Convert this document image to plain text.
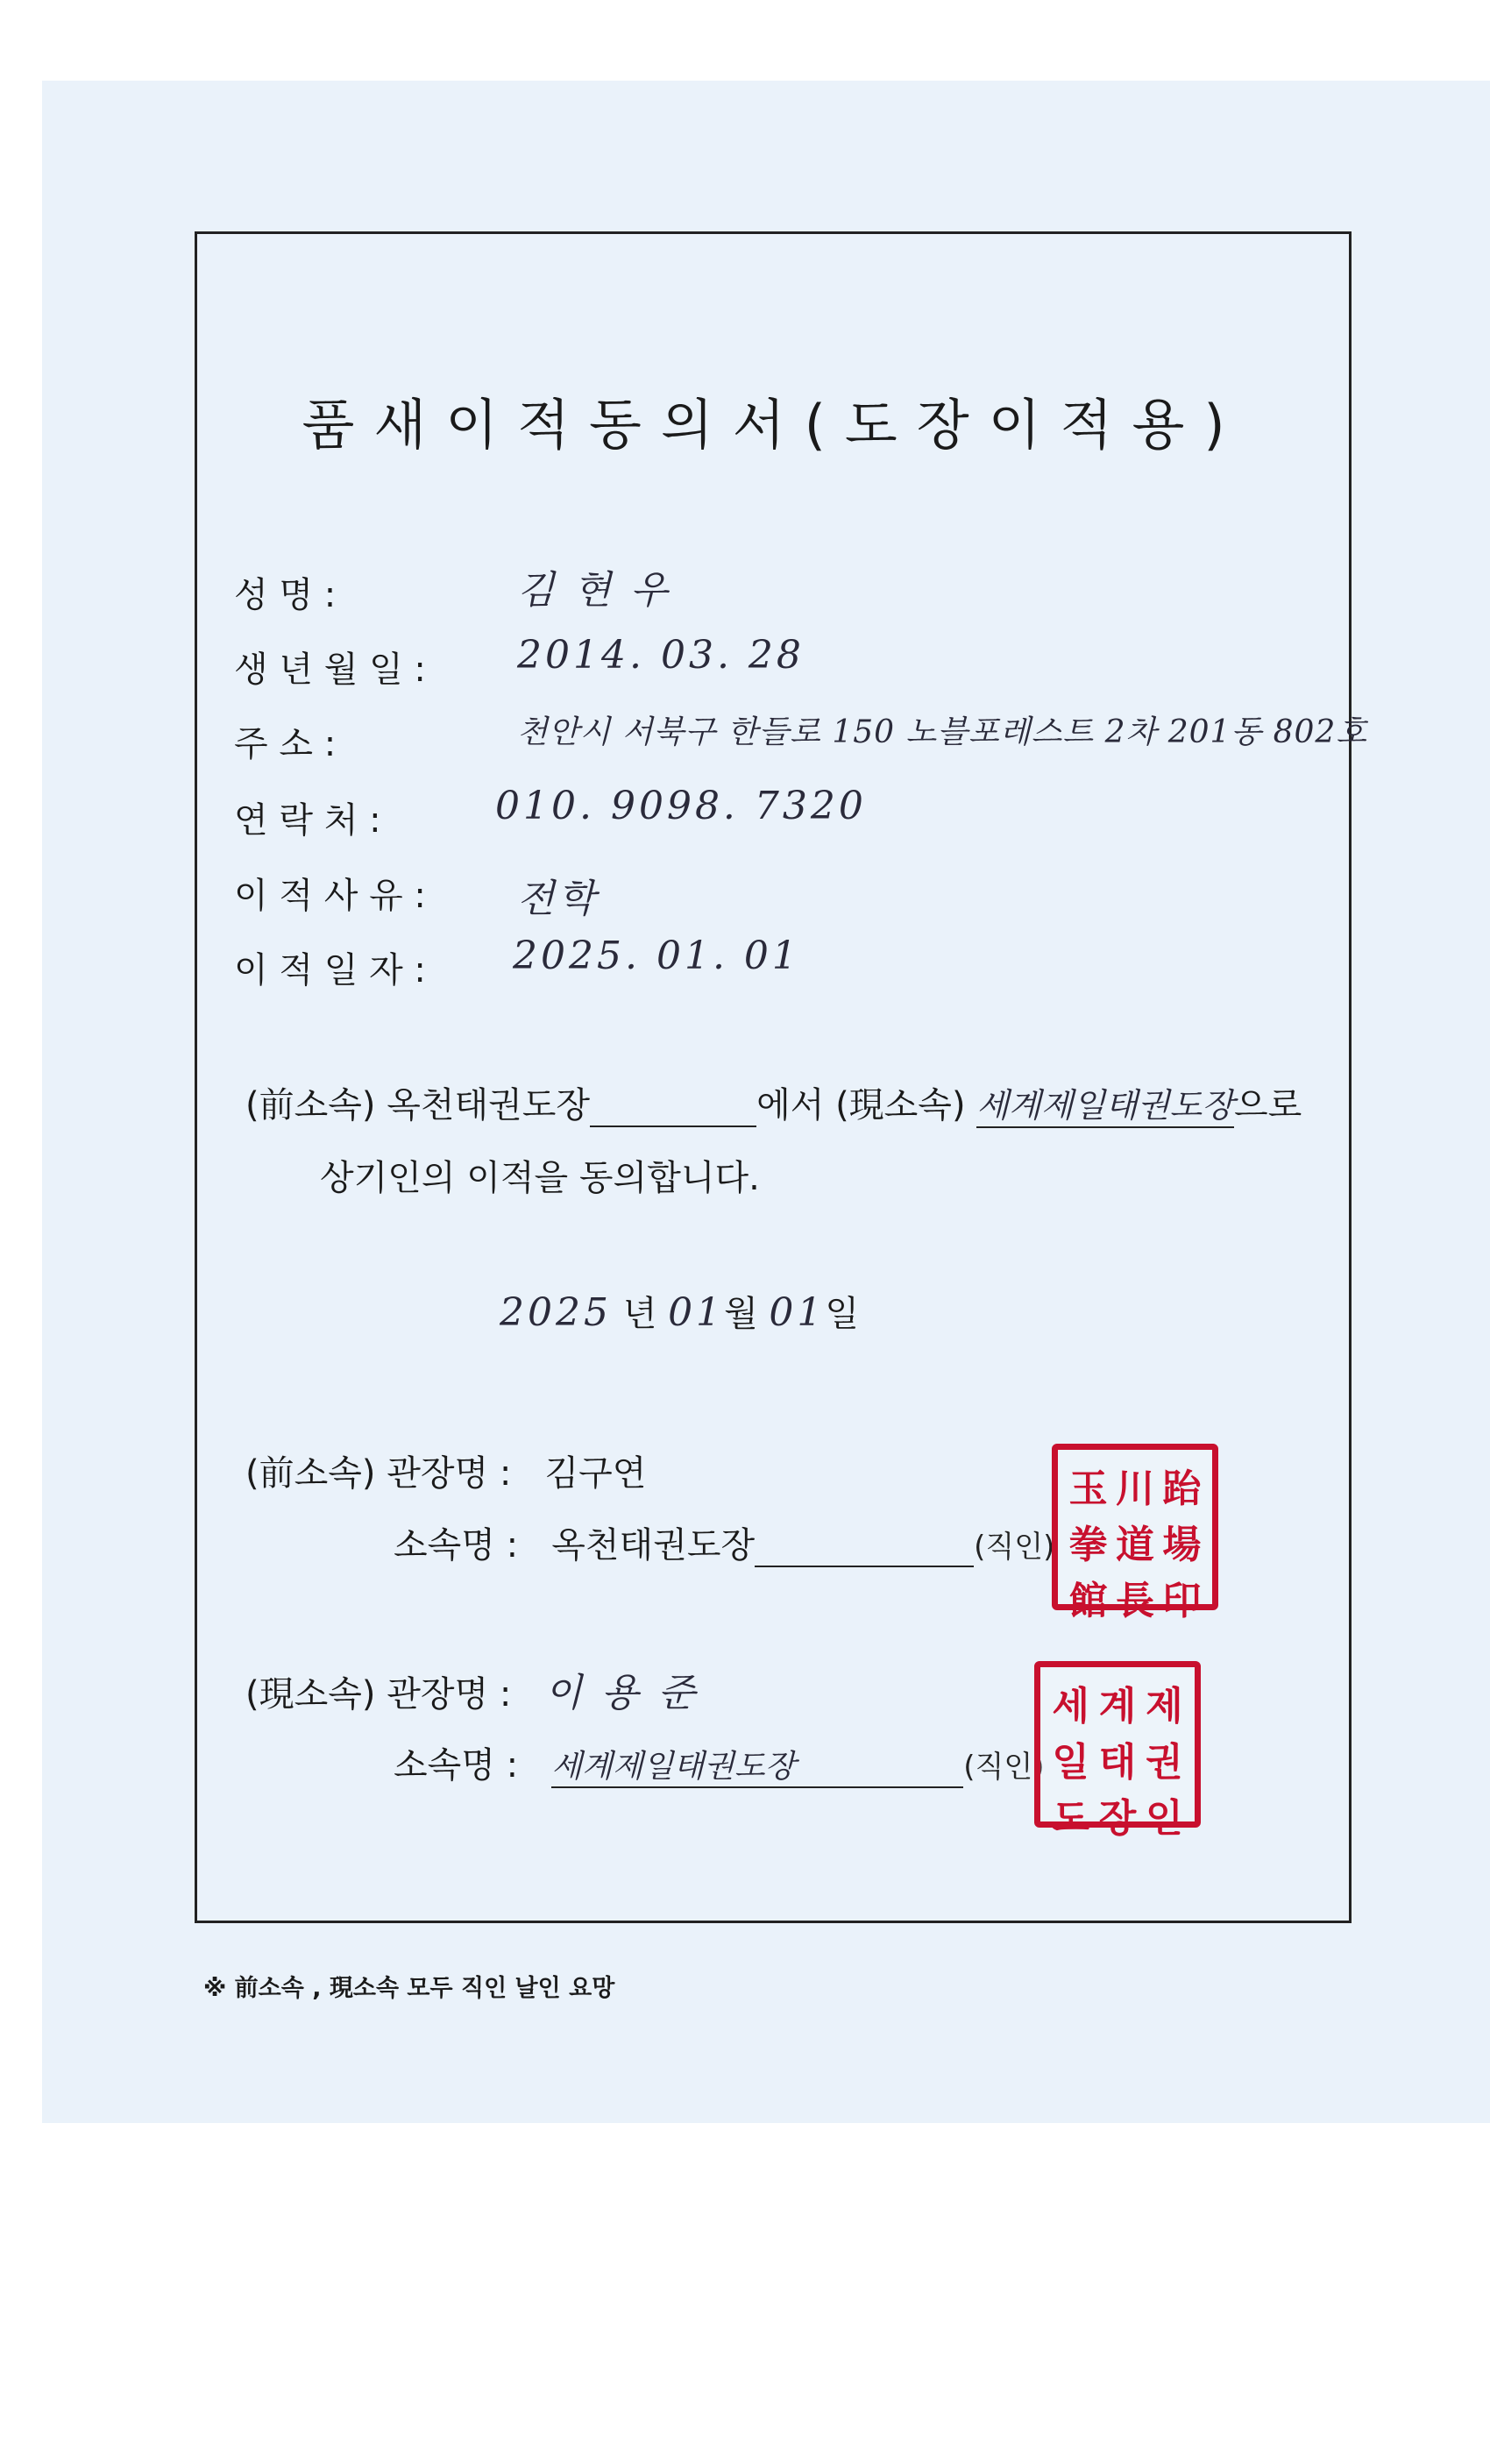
품새이적동의서(도장이적용)
성 명 :	김 현 우
생 년 월 일 : 2014. 03. 28
주 소 :	천안시 서북구 한들로 150 노블포레스트 2차 201동 802호
연 락 처 :	010. 9098. 7320
이 적 사 유 : 전학
이 적 일 자 : 2025. 01. 01
(前소속) 옥천태권도장	에서 (現소속) 세계제일태권도장으로
상기인의 이적을 동의합니다.
2025 년 01월 01일
(前소속) 관장명 : 김구연
소속명 : 옥천태권도장	(직인)
玉 川 跆
拳 道 場
館 長 印
(現소속) 관장명 : 이 용 준
소속명 : 세계제일태권도장	(직인)
세 계 제
일 태 권
도 장 인
※ 前소속 , 現소속 모두 직인 날인 요망
